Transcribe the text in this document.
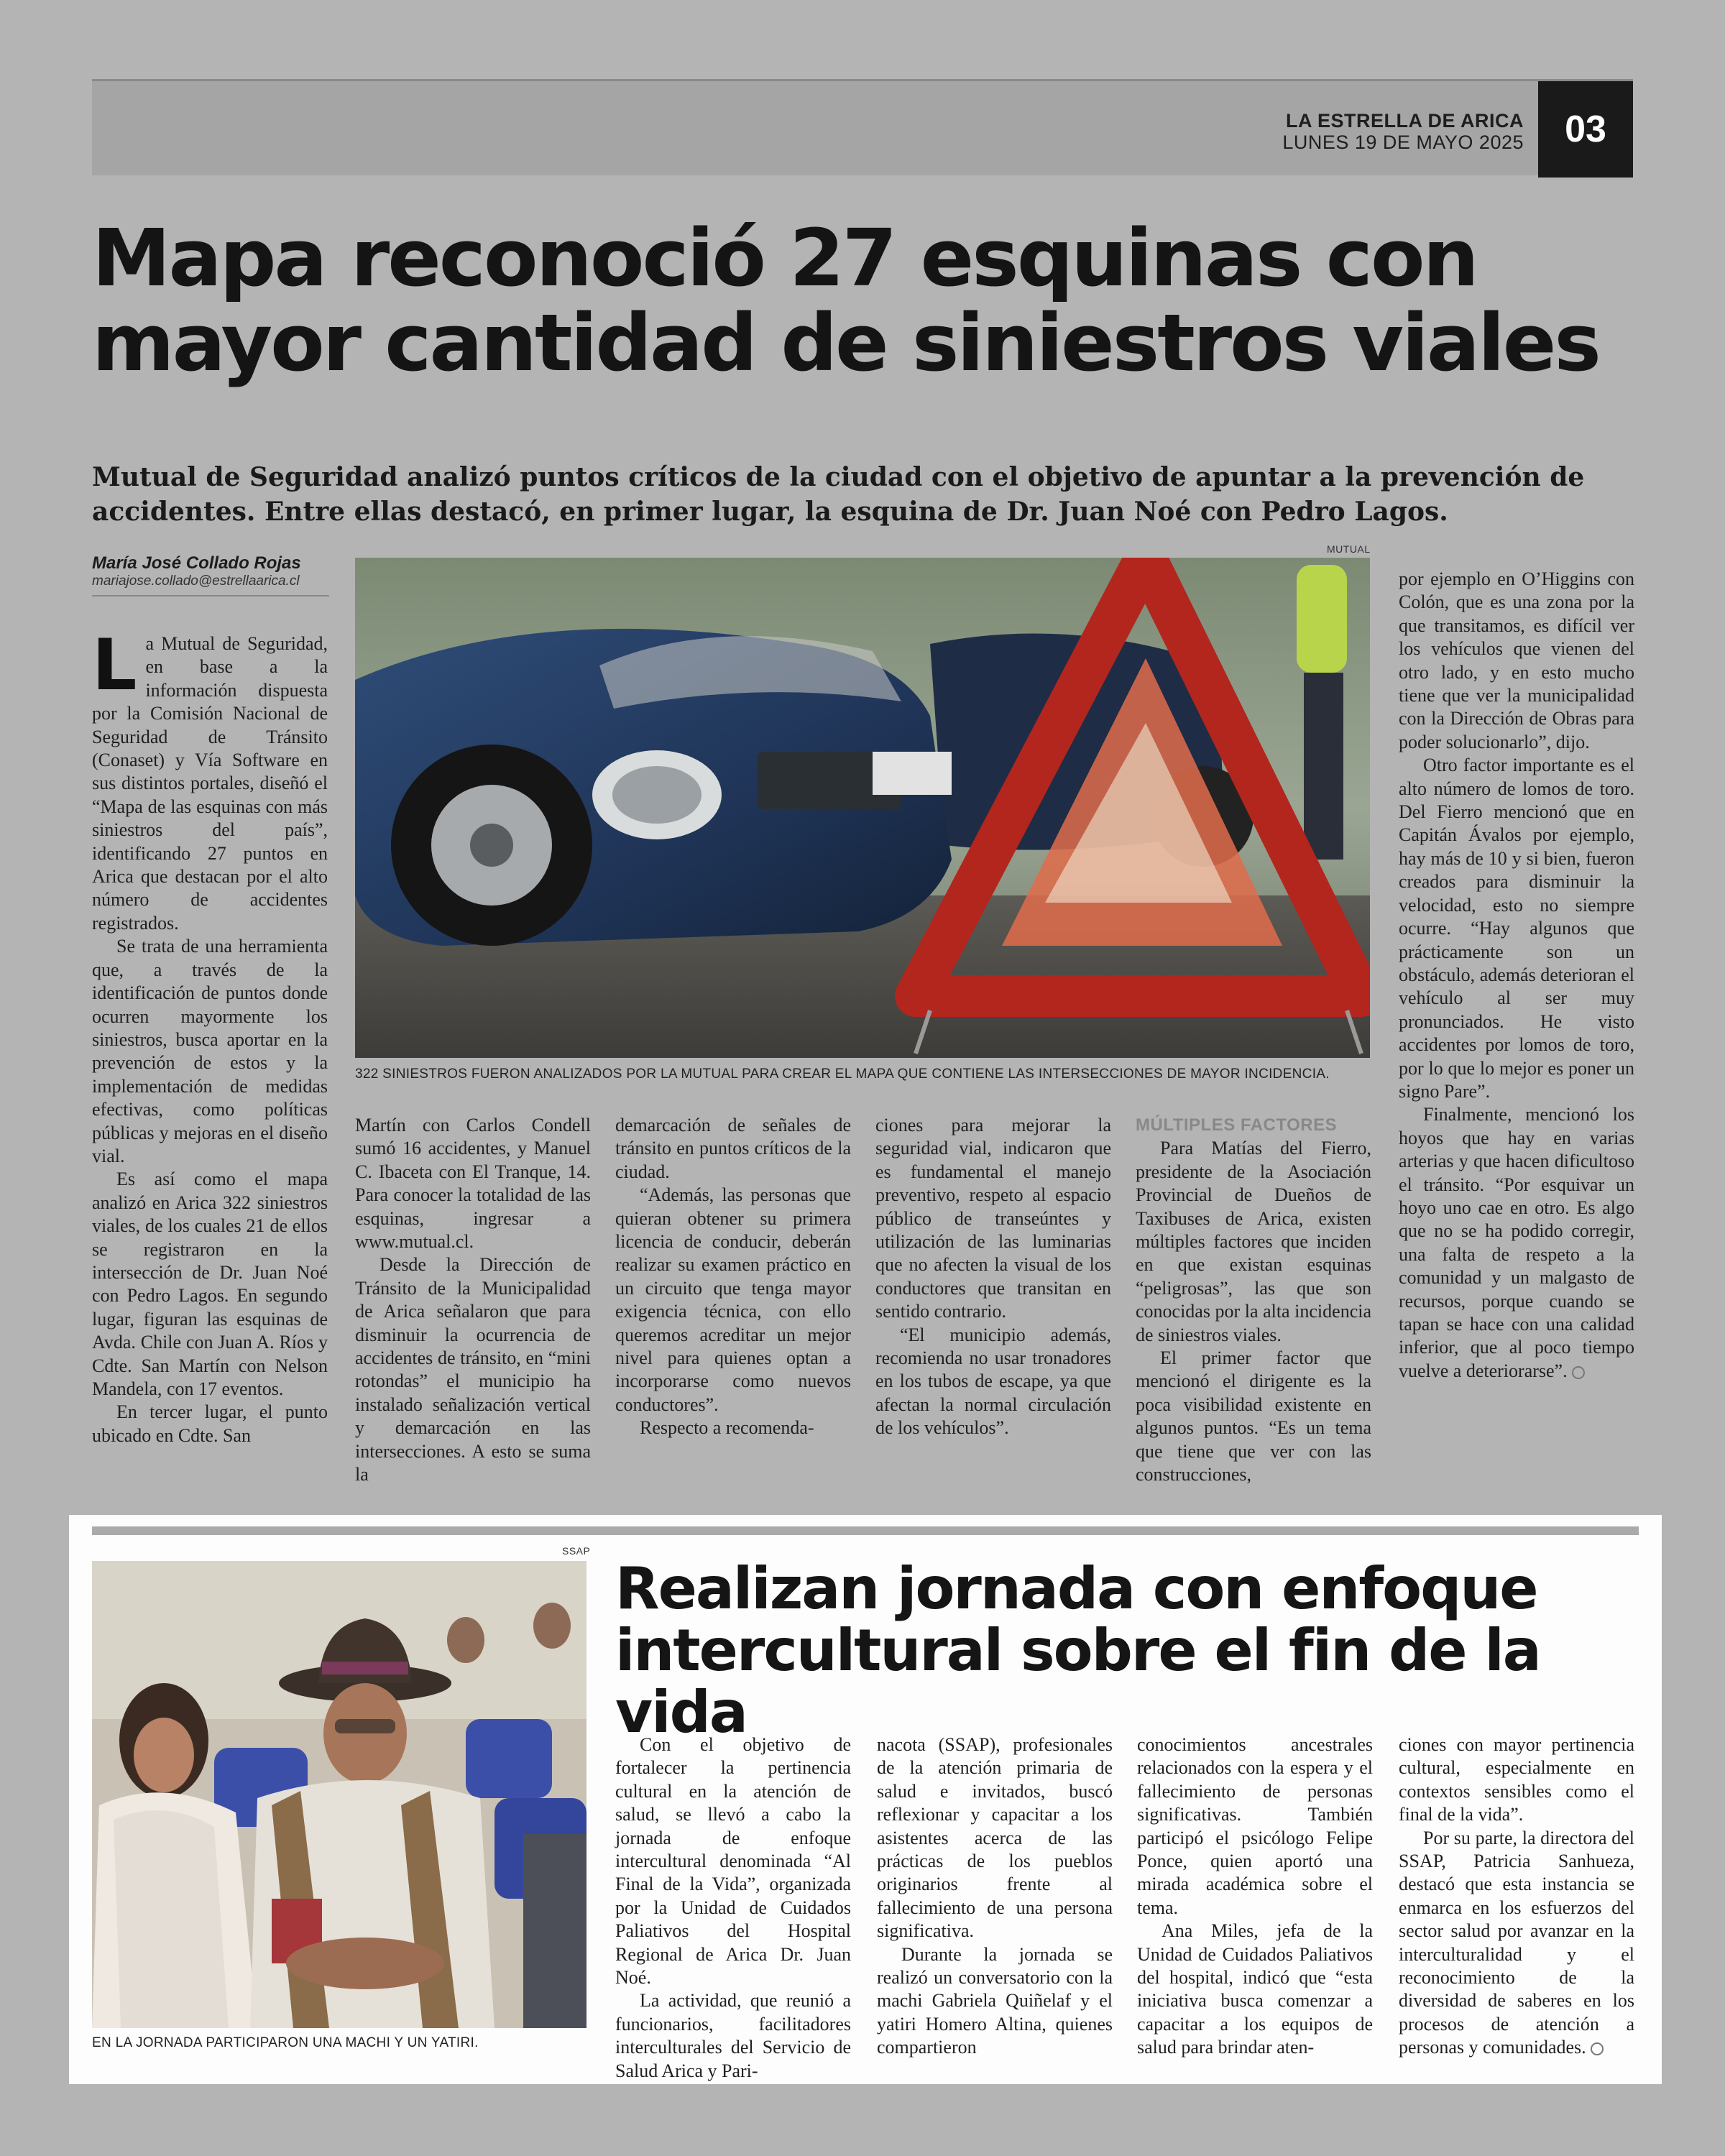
LA ESTRELLA DE ARICA
LUNES 19 DE MAYO 2025	03
Mapa reconoció 27 esquinas con mayor cantidad de siniestros viales

Mutual de Seguridad analizó puntos críticos de la ciudad con el objetivo de apuntar a la prevención de accidentes. Entre ellas destacó, en primer lugar, la esquina de Dr. Juan Noé con Pedro Lagos.

María José Collado Rojas
mariajose.collado@estrellaarica.cl
MUTUAL
322 SINIESTROS FUERON ANALIZADOS POR LA MUTUAL PARA CREAR EL MAPA QUE CONTIENE LAS INTERSECCIONES DE MAYOR INCIDENCIA.

La Mutual de Seguridad, en base a la información dispuesta por la Comisión Nacional de Seguridad de Tránsito (Conaset) y Vía Software en sus distintos portales, diseñó el “Mapa de las esquinas con más siniestros del país”, identificando 27 puntos en Arica que destacan por el alto número de accidentes registrados.

Se trata de una herramienta que, a través de la identificación de puntos donde ocurren mayormente los siniestros, busca aportar en la prevención de estos y la implementación de medidas efectivas, como políticas públicas y mejoras en el diseño vial.

Es así como el mapa analizó en Arica 322 siniestros viales, de los cuales 21 de ellos se registraron en la intersección de Dr. Juan Noé con Pedro Lagos. En segundo lugar, figuran las esquinas de Avda. Chile con Juan A. Ríos y Cdte. San Martín con Nelson Mandela, con 17 eventos.

En tercer lugar, el punto ubicado en Cdte. San

Martín con Carlos Condell sumó 16 accidentes, y Manuel C. Ibaceta con El Tranque, 14. Para conocer la totalidad de las esquinas, ingresar a www.mutual.cl.

Desde la Dirección de Tránsito de la Municipalidad de Arica señalaron que para disminuir la ocurrencia de accidentes de tránsito, en “mini rotondas” el municipio ha instalado señalización vertical y demarcación en las intersecciones. A esto se suma la

demarcación de señales de tránsito en puntos críticos de la ciudad.

“Además, las personas que quieran obtener su primera licencia de conducir, deberán realizar su examen práctico en un circuito que tenga mayor exigencia técnica, con ello queremos acreditar un mejor nivel para quienes optan a incorporarse como nuevos conductores”.

Respecto a recomenda-

ciones para mejorar la seguridad vial, indicaron que es fundamental el manejo preventivo, respeto al espacio público de transeúntes y utilización de las luminarias que no afecten la visual de los conductores que transitan en sentido contrario.

“El municipio además, recomienda no usar tronadores en los tubos de escape, ya que afectan la normal circulación de los vehículos”.

MÚLTIPLES FACTORES

Para Matías del Fierro, presidente de la Asociación Provincial de Dueños de Taxibuses de Arica, existen múltiples factores que inciden en que existan esquinas “peligrosas”, las que son conocidas por la alta incidencia de siniestros viales.

El primer factor que mencionó el dirigente es la poca visibilidad existente en algunos puntos. “Es un tema que tiene que ver con las construcciones,

por ejemplo en O’Higgins con Colón, que es una zona por la que transitamos, es difícil ver los vehículos que vienen del otro lado, y en esto mucho tiene que ver la municipalidad con la Dirección de Obras para poder solucionarlo”, dijo.

Otro factor importante es el alto número de lomos de toro. Del Fierro mencionó que en Capitán Ávalos por ejemplo, hay más de 10 y si bien, fueron creados para disminuir la velocidad, esto no siempre ocurre. “Hay algunos que prácticamente son un obstáculo, además deterioran el vehículo al ser muy pronunciados. He visto accidentes por lomos de toro, por lo que lo mejor es poner un signo Pare”.

Finalmente, mencionó los hoyos que hay en varias arterias y que hacen dificultoso el tránsito. “Por esquivar un hoyo uno cae en otro. Es algo que no se ha podido corregir, una falta de respeto a la comunidad y un malgasto de recursos, porque cuando se tapan se hace con una calidad inferior, que al poco tiempo vuelve a deteriorarse”.

SSAP
EN LA JORNADA PARTICIPARON UNA MACHI Y UN YATIRI.
Realizan jornada con enfoque intercultural sobre el fin de la vida

Con el objetivo de fortalecer la pertinencia cultural en la atención de salud, se llevó a cabo la jornada de enfoque intercultural denominada “Al Final de la Vida”, organizada por la Unidad de Cuidados Paliativos del Hospital Regional de Arica Dr. Juan Noé.

La actividad, que reunió a funcionarios, facilitadores interculturales del Servicio de Salud Arica y Pari-

nacota (SSAP), profesionales de la atención primaria de salud e invitados, buscó reflexionar y capacitar a los asistentes acerca de las prácticas de los pueblos originarios frente al fallecimiento de una persona significativa.

Durante la jornada se realizó un conversatorio con la machi Gabriela Quiñelaf y el yatiri Homero Altina, quienes compartieron

conocimientos ancestrales relacionados con la espera y el fallecimiento de personas significativas. También participó el psicólogo Felipe Ponce, quien aportó una mirada académica sobre el tema.

Ana Miles, jefa de la Unidad de Cuidados Paliativos del hospital, indicó que “esta iniciativa busca comenzar a capacitar a los equipos de salud para brindar aten-

ciones con mayor pertinencia cultural, especialmente en contextos sensibles como el final de la vida”.

Por su parte, la directora del SSAP, Patricia Sanhueza, destacó que esta instancia se enmarca en los esfuerzos del sector salud por avanzar en la interculturalidad y el reconocimiento de la diversidad de saberes en los procesos de atención a personas y comunidades.
